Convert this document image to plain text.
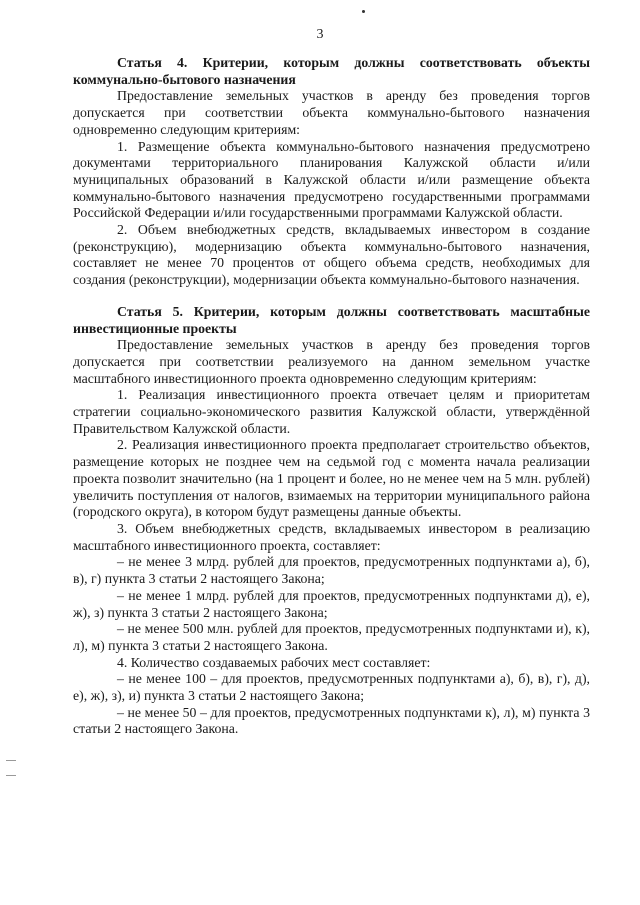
3
Статья 4. Критерии, которым должны соответствовать объекты коммунально-бытового назначения

Предоставление земельных участков в аренду без проведения торгов допускается при соответствии объекта коммунально-бытового назначения одновременно следующим критериям:

1. Размещение объекта коммунально-бытового назначения предусмотрено документами территориального планирования Калужской области и/или муниципальных образований в Калужской области и/или размещение объекта коммунально-бытового назначения предусмотрено государственными программами Российской Федерации и/или государственными программами Калужской области.

2. Объем внебюджетных средств, вкладываемых инвестором в создание (реконструкцию), модернизацию объекта коммунально-бытового назначения, составляет не менее 70 процентов от общего объема средств, необходимых для создания (реконструкции), модернизации объекта коммунально-бытового назначения.

Статья 5. Критерии, которым должны соответствовать масштабные инвестиционные проекты

Предоставление земельных участков в аренду без проведения торгов допускается при соответствии реализуемого на данном земельном участке масштабного инвестиционного проекта одновременно следующим критериям:

1. Реализация инвестиционного проекта отвечает целям и приоритетам стратегии социально-экономического развития Калужской области, утверждённой Правительством Калужской области.

2. Реализация инвестиционного проекта предполагает строительство объектов, размещение которых не позднее чем на седьмой год с момента начала реализации проекта позволит значительно (на 1 процент и более, но не менее чем на 5 млн. рублей) увеличить поступления от налогов, взимаемых на территории муниципального района (городского округа), в котором будут размещены данные объекты.

3. Объем внебюджетных средств, вкладываемых инвестором в реализацию масштабного инвестиционного проекта, составляет:

– не менее 3 млрд. рублей для проектов, предусмотренных подпунктами а), б), в), г) пункта 3 статьи 2 настоящего Закона;

– не менее 1 млрд. рублей для проектов, предусмотренных подпунктами д), е), ж), з) пункта 3 статьи 2 настоящего Закона;

– не менее 500 млн. рублей для проектов, предусмотренных подпунктами и), к), л), м) пункта 3 статьи 2 настоящего Закона.

4. Количество создаваемых рабочих мест составляет:

– не менее 100 – для проектов, предусмотренных подпунктами а), б), в), г), д), е), ж), з), и) пункта 3 статьи 2 настоящего Закона;

– не менее 50 – для проектов, предусмотренных подпунктами к), л), м) пункта 3 статьи 2 настоящего Закона.
